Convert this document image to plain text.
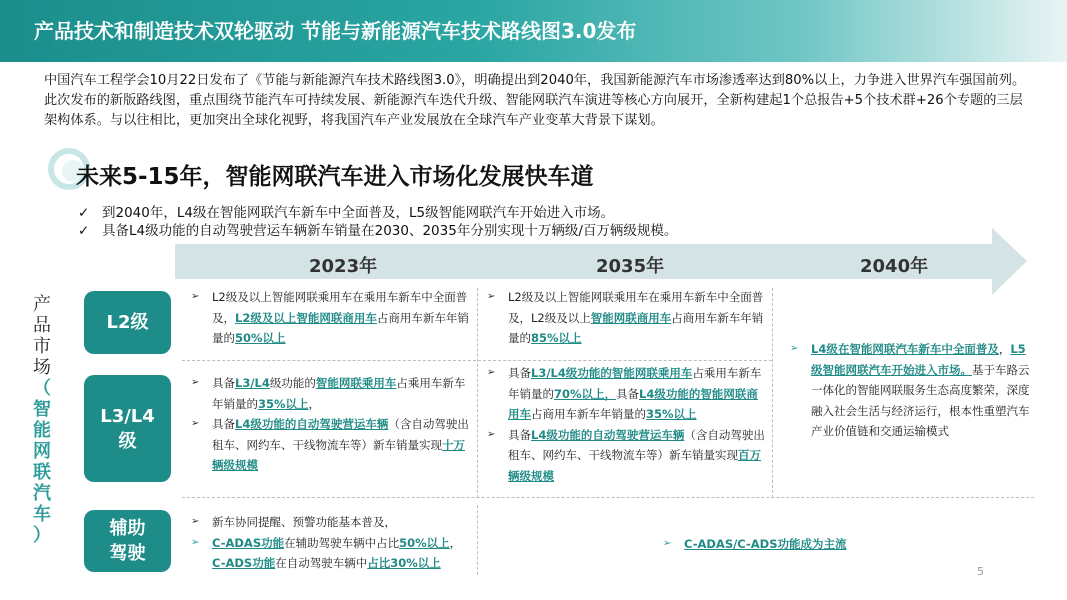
产品技术和制造技术双轮驱动 节能与新能源汽车技术路线图3.0发布
中国汽车工程学会10月22日发布了《节能与新能源汽车技术路线图3.0》，明确提出到2040年，我国新能源汽车市场渗透率达到80%以上，力争进入世界汽车强国前列。此次发布的新版路线图，重点围绕节能汽车可持续发展、新能源汽车迭代升级、智能网联汽车演进等核心方向展开，全新构建起1个总报告+5个技术群+26个专题的三层架构体系。与以往相比，更加突出全球化视野，将我国汽车产业发展放在全球汽车产业变革大背景下谋划。
未来5-15年，智能网联汽车进入市场化发展快车道
✓ 到2040年，L4级在智能网联汽车新车中全面普及，L5级智能网联汽车开始进入市场。
✓ 具备L4级功能的自动驾驶营运车辆新车销量在2030、2035年分别实现十万辆级/百万辆级规模。
2023年	2035年	2040年
产
品
市
场
（
智
能
网
联
汽
车
）
L2级
L3/L4
级
辅助
驾驶
➢ L2级及以上智能网联乘用车在乘用车新车中全面普及，L2级及以上智能网联商用车占商用车新车年销量的50%以上
➢ L2级及以上智能网联乘用车在乘用车新车中全面普及，L2级及以上智能网联商用车占商用车新车年销量的85%以上
➢ 具备L3/L4级功能的智能网联乘用车占乘用车新车年销量的35%以上，
➢ 具备L4级功能的自动驾驶营运车辆（含自动驾驶出租车、网约车、干线物流车等）新车销量实现十万辆级规模
➢ 具备L3/L4级功能的智能网联乘用车占乘用车新车年销量的70%以上，具备L4级功能的智能网联商用车占商用车新车年销量的35%以上
➢ 具备L4级功能的自动驾驶营运车辆（含自动驾驶出租车、网约车、干线物流车等）新车销量实现百万辆级规模
➢ L4级在智能网联汽车新车中全面普及，L5级智能网联汽车开始进入市场。基于车路云一体化的智能网联服务生态高度繁荣，深度融入社会生活与经济运行，根本性重塑汽车产业价值链和交通运输模式
➢ 新车协同提醒、预警功能基本普及，
➢ C-ADAS功能在辅助驾驶车辆中占比50%以上，C-ADS功能在自动驾驶车辆中占比30%以上
➢ C-ADAS/C-ADS功能成为主流
5
